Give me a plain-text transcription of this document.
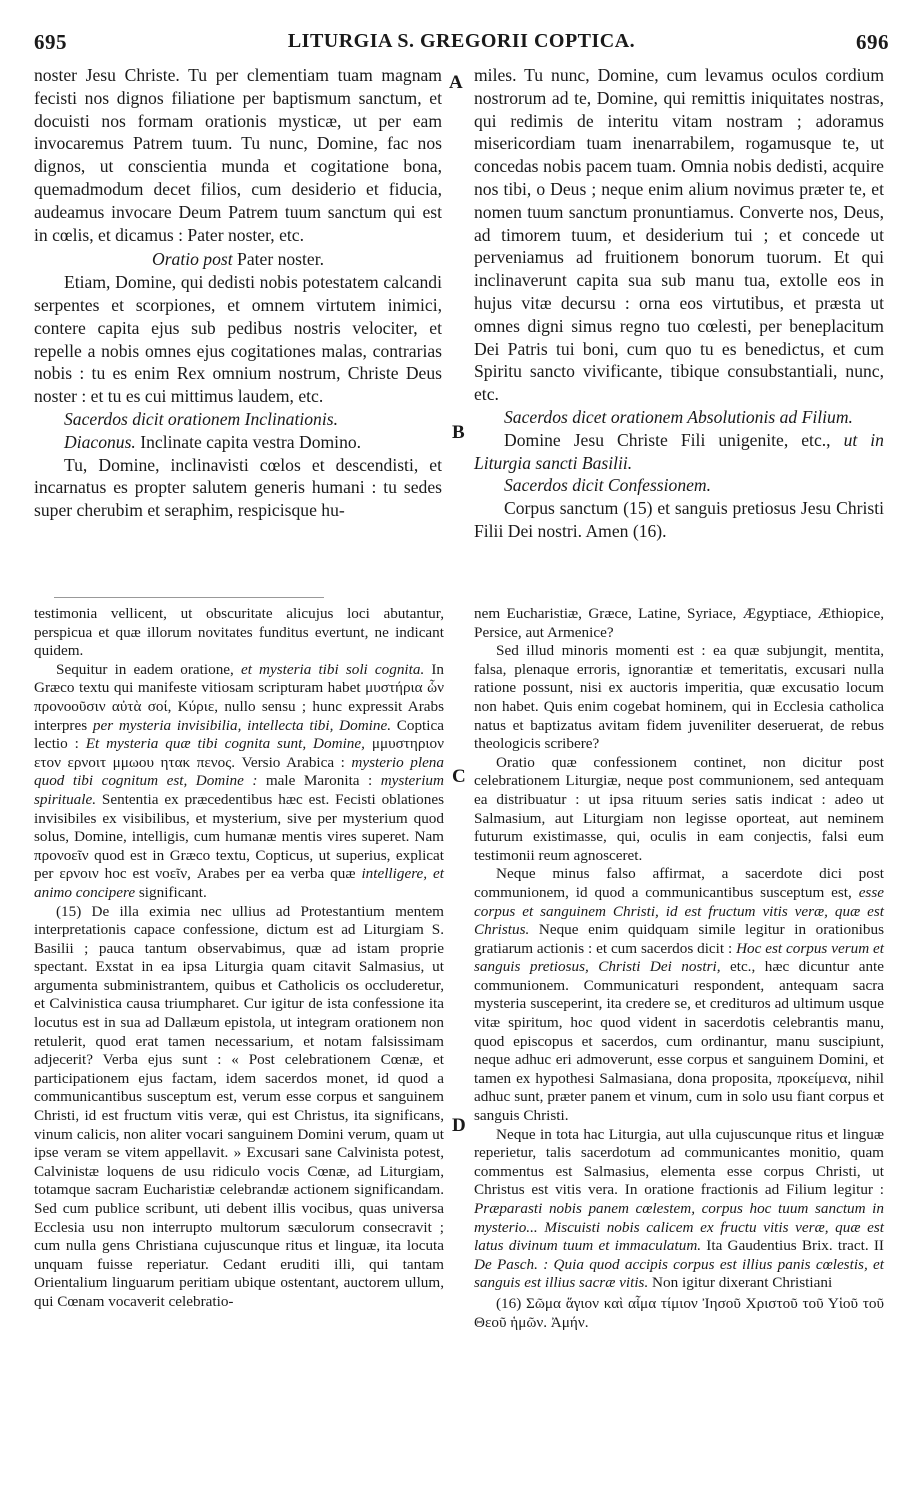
695	LITURGIA S. GREGORII COPTICA.	696
A
B
C
D

noster Jesu Christe. Tu per clementiam tuam magnam fecisti nos dignos filiatione per baptismum sanctum, et docuisti nos formam orationis mysticæ, ut per eam invocaremus Patrem tuum. Tu nunc, Domine, fac nos dignos, ut conscientia munda et cogitatione bona, quemadmodum decet filios, cum desiderio et fiducia, audeamus invocare Deum Patrem tuum sanctum qui est in cœlis, et dicamus : Pater noster, etc.

Oratio post Pater noster.

Etiam, Domine, qui dedisti nobis potestatem calcandi serpentes et scorpiones, et omnem virtutem inimici, contere capita ejus sub pedibus nostris velociter, et repelle a nobis omnes ejus cogitationes malas, contrarias nobis : tu es enim Rex omnium nostrum, Christe Deus noster : et tu es cui mittimus laudem, etc.

Sacerdos dicit orationem Inclinationis.

Diaconus. Inclinate capita vestra Domino.

Tu, Domine, inclinavisti cœlos et descendisti, et incarnatus es propter salutem generis humani : tu sedes super cherubim et seraphim, respicisque hu-

miles. Tu nunc, Domine, cum levamus oculos cordium nostrorum ad te, Domine, qui remittis iniquitates nostras, qui redimis de interitu vitam nostram ; adoramus misericordiam tuam inenarrabilem, rogamusque te, ut concedas nobis pacem tuam. Omnia nobis dedisti, acquire nos tibi, o Deus ; neque enim alium novimus præter te, et nomen tuum sanctum pronuntiamus. Converte nos, Deus, ad timorem tuum, et desiderium tui ; et concede ut perveniamus ad fruitionem bonorum tuorum. Et qui inclinaverunt capita sua sub manu tua, extolle eos in hujus vitæ decursu : orna eos virtutibus, et præsta ut omnes digni simus regno tuo cœlesti, per beneplacitum Dei Patris tui boni, cum quo tu es benedictus, et cum Spiritu sancto vivificante, tibique consubstantiali, nunc, etc.

Sacerdos dicet orationem Absolutionis ad Filium.

Domine Jesu Christe Fili unigenite, etc., ut in Liturgia sancti Basilii.

Sacerdos dicit Confessionem.

Corpus sanctum (15) et sanguis pretiosus Jesu Christi Filii Dei nostri. Amen (16).

testimonia vellicent, ut obscuritate alicujus loci abutantur, perspicua et quæ illorum novitates funditus evertunt, ne indicant quidem.

Sequitur in eadem oratione, et mysteria tibi soli cognita. In Græco textu qui manifeste vitiosam scripturam habet μυστήρια ὧν προνοοῦσιν αὐτὰ σοί, Κύριε, nullo sensu ; hunc expressit Arabs interpres per mysteria invisibilia, intellecta tibi, Domine. Coptica lectio : Et mysteria quæ tibi cognita sunt, Domine, μμυστηριον ετον ερνοιτ μμωου ητακ πενος. Versio Arabica : mysterio plena quod tibi cognitum est, Domine : male Maronita : mysterium spirituale. Sententia ex præcedentibus hæc est. Fecisti oblationes invisibiles ex visibilibus, et mysterium, sive per mysterium quod solus, Domine, intelligis, cum humanæ mentis vires superet. Nam προνοεῖν quod est in Græco textu, Copticus, ut superius, explicat per ερνοιν hoc est νοεῖν, Arabes per ea verba quæ intelligere, et animo concipere significant.

(15) De illa eximia nec ullius ad Protestantium mentem interpretationis capace confessione, dictum est ad Liturgiam S. Basilii ; pauca tantum observabimus, quæ ad istam proprie spectant. Exstat in ea ipsa Liturgia quam citavit Salmasius, ut argumenta subministrantem, quibus et Catholicis os occluderetur, et Calvinistica causa triumpharet. Cur igitur de ista confessione ita locutus est in sua ad Dallæum epistola, ut integram orationem non retulerit, quod erat tamen necessarium, et notam falsissimam adjecerit? Verba ejus sunt : « Post celebrationem Cœnæ, et participationem ejus factam, idem sacerdos monet, id quod a communicantibus susceptum est, verum esse corpus et sanguinem Christi, id est fructum vitis veræ, qui est Christus, ita significans, vinum calicis, non aliter vocari sanguinem Domini verum, quam ut ipse veram se vitem appellavit. » Excusari sane Calvinista potest, Calvinistæ loquens de usu ridiculo vocis Cœnæ, ad Liturgiam, totamque sacram Eucharistiæ celebrandæ actionem significandam. Sed cum publice scribunt, uti debent illis vocibus, quas universa Ecclesia usu non interrupto multorum sæculorum consecravit ; cum nulla gens Christiana cujuscunque ritus et linguæ, ita locuta unquam fuisse reperiatur. Cedant eruditi illi, qui tantam Orientalium linguarum peritiam ubique ostentant, auctorem ullum, qui Cœnam vocaverit celebratio-

nem Eucharistiæ, Græce, Latine, Syriace, Ægyptiace, Æthiopice, Persice, aut Armenice?

Sed illud minoris momenti est : ea quæ subjungit, mentita, falsa, plenaque erroris, ignorantiæ et temeritatis, excusari nulla ratione possunt, nisi ex auctoris imperitia, quæ excusatio locum non habet. Quis enim cogebat hominem, qui in Ecclesia catholica natus et baptizatus avitam fidem juveniliter deseruerat, de rebus theologicis scribere?

Oratio quæ confessionem continet, non dicitur post celebrationem Liturgiæ, neque post communionem, sed antequam ea distribuatur : ut ipsa rituum series satis indicat : adeo ut Salmasium, aut Liturgiam non legisse oporteat, aut neminem futurum existimasse, qui, oculis in eam conjectis, falsi eum testimonii reum agnosceret.

Neque minus falso affirmat, a sacerdote dici post communionem, id quod a communicantibus susceptum est, esse corpus et sanguinem Christi, id est fructum vitis veræ, quæ est Christus. Neque enim quidquam simile legitur in orationibus gratiarum actionis : et cum sacerdos dicit : Hoc est corpus verum et sanguis pretiosus, Christi Dei nostri, etc., hæc dicuntur ante communionem. Communicaturi respondent, antequam sacra mysteria susceperint, ita credere se, et credituros ad ultimum usque vitæ spiritum, hoc quod vident in sacerdotis celebrantis manu, quod episcopus et sacerdos, cum ordinantur, manu suscipiunt, neque adhuc eri admoverunt, esse corpus et sanguinem Domini, et tamen ex hypothesi Salmasiana, dona proposita, προκείμενα, nihil adhuc sunt, præter panem et vinum, cum in solo usu fiant corpus et sanguis Christi.

Neque in tota hac Liturgia, aut ulla cujuscunque ritus et linguæ reperietur, talis sacerdotum ad communicantes monitio, quam commentus est Salmasius, elementa esse corpus Christi, ut Christus est vitis vera. In oratione fractionis ad Filium legitur : Præparasti nobis panem cœlestem, corpus hoc tuum sanctum in mysterio... Miscuisti nobis calicem ex fructu vitis veræ, quæ est latus divinum tuum et immaculatum. Ita Gaudentius Brix. tract. II De Pasch. : Quia quod accipis corpus est illius panis cœlestis, et sanguis est illius sacræ vitis. Non igitur dixerant Christiani

(16) Σῶμα ἅγιον καὶ αἷμα τίμιον Ἰησοῦ Χριστοῦ τοῦ Υἱοῦ τοῦ Θεοῦ ἡμῶν. Ἀμήν.
